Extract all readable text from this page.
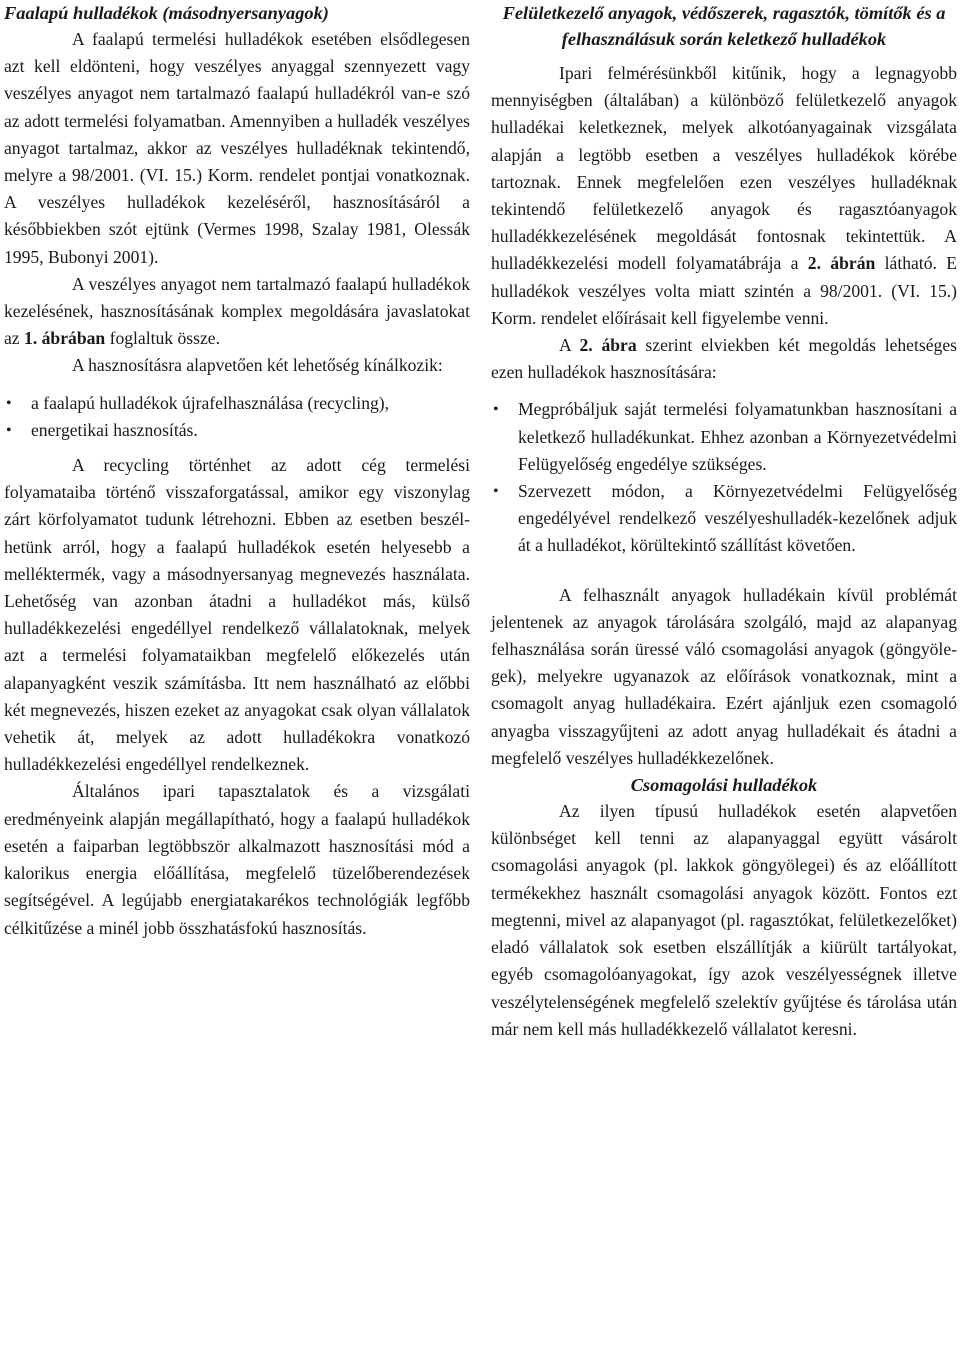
Faalapú hulladékok (másodnyersanyagok)

A faalapú termelési hulladékok esetében elsődlegesen azt kell eldönteni, hogy veszélyes anyaggal szennyezett vagy veszélyes anyagot nem tartalmazó faalapú hulladékról van-e szó az adott termelési folyamatban. Amennyiben a hulladék veszélyes anyagot tartalmaz, akkor az veszélyes hulladéknak tekintendő, melyre a 98/2001. (VI. 15.) Korm. rendelet pontjai vonatkoznak. A veszélyes hulladékok kezeléséről, hasznosításáról a későbbiekben szót ejtünk (Vermes 1998, Szalay 1981, Olessák 1995, Bubonyi 2001).

A veszélyes anyagot nem tartalmazó faalapú hulladékok kezelésének, hasznosításának komplex megoldására javaslatokat az 1. ábrában foglaltuk össze.

A hasznosításra alapvetően két lehetőség kínálkozik:

• a faalapú hulladékok újrafelhasználása (recycling),
• energetikai hasznosítás.

A recycling történhet az adott cég termelési folyamataiba történő visszaforgatással, amikor egy viszonylag zárt körfolyamatot tudunk létrehozni. Ebben az esetben beszélhetünk arról, hogy a faalapú hulladékok esetén helyesebb a melléktermék, vagy a másodnyersanyag megnevezés használata. Lehetőség van azonban átadni a hulladékot más, külső hulladékkezelési engedéllyel rendelkező vállalatoknak, melyek azt a termelési folyamataikban megfelelő előkezelés után alapanyagként veszik számításba. Itt nem használható az előbbi két megnevezés, hiszen ezeket az anyagokat csak olyan vállalatok vehetik át, melyek az adott hulladékokra vonatkozó hulladékkezelési engedéllyel rendelkeznek.

Általános ipari tapasztalatok és a vizsgálati eredményeink alapján megállapítható, hogy a faalapú hulladékok esetén a faiparban legtöbbször alkalmazott hasznosítási mód a kalorikus energia előállítása, megfelelő tüzelőberendezések segítségével. A legújabb energiatakarékos technológiák legfőbb célkitűzése a minél jobb összhatásfokú hasznosítás.

Felületkezelő anyagok, védőszerek, ragasztók, tömítők és a felhasználásuk során keletkező hulladékok

Ipari felmérésünkből kitűnik, hogy a legnagyobb mennyiségben (általában) a különböző felületkezelő anyagok hulladékai keletkeznek, melyek alkotóanyagainak vizsgálata alapján a legtöbb esetben a veszélyes hulladékok körébe tartoznak. Ennek megfelelően ezen veszélyes hulladéknak tekintendő felületkezelő anyagok és ragasztóanyagok hulladékkezelésének megoldását fontosnak tekintettük. A hulladékkezelési modell folyamatábrája a 2. ábrán látható. E hulladékok veszélyes volta miatt szintén a 98/2001. (VI. 15.) Korm. rendelet előírásait kell figyelembe venni.

A 2. ábra szerint elviekben két megoldás lehetséges ezen hulladékok hasznosítására:

• Megpróbáljuk saját termelési folyamatunkban hasznosítani a keletkező hulladékunkat. Ehhez azonban a Környezetvédelmi Felügyelőség engedélye szükséges.
• Szervezett módon, a Környezetvédelmi Felügyelőség engedélyével rendelkező veszélyeshulladék-kezelőnek adjuk át a hulladékot, körültekintő szállítást követően.

A felhasznált anyagok hulladékain kívül problémát jelentenek az anyagok tárolására szolgáló, majd az alapanyag felhasználása során üressé váló csomagolási anyagok (göngyölegek), melyekre ugyanazok az előírások vonatkoznak, mint a csomagolt anyag hulladékaira. Ezért ajánljuk ezen csomagoló anyagba visszagyűjteni az adott anyag hulladékait és átadni a megfelelő veszélyes hulladékkezelőnek.

Csomagolási hulladékok

Az ilyen típusú hulladékok esetén alapvetően különbséget kell tenni az alapanyaggal együtt vásárolt csomagolási anyagok (pl. lakkok göngyölegei) és az előállított termékekhez használt csomagolási anyagok között. Fontos ezt megtenni, mivel az alapanyagot (pl. ragasztókat, felületkezelőket) eladó vállalatok sok esetben elszállítják a kiürült tartályokat, egyéb csomagolóanyagokat, így azok veszélyességnek illetve veszélytelenségének megfelelő szelektív gyűjtése és tárolása után már nem kell más hulladékkezelő vállalatot keresni.
